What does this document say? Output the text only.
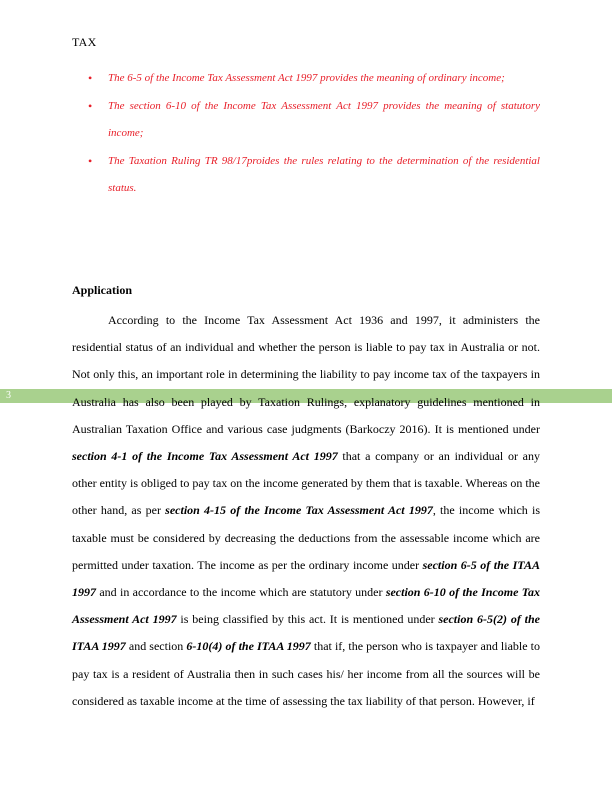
TAX
• The 6-5 of the Income Tax Assessment Act 1997 provides the meaning of ordinary income;
• The section 6-10 of the Income Tax Assessment Act 1997 provides the meaning of statutory income;
• The Taxation Ruling TR 98/17proides the rules relating to the determination of the residential status.
Application
3
According to the Income Tax Assessment Act 1936 and 1997, it administers the residential status of an individual and whether the person is liable to pay tax in Australia or not. Not only this, an important role in determining the liability to pay income tax of the taxpayers in Australia has also been played by Taxation Rulings, explanatory guidelines mentioned in Australian Taxation Office and various case judgments (Barkoczy 2016). It is mentioned under section 4-1 of the Income Tax Assessment Act 1997 that a company or an individual or any other entity is obliged to pay tax on the income generated by them that is taxable. Whereas on the other hand, as per section 4-15 of the Income Tax Assessment Act 1997, the income which is taxable must be considered by decreasing the deductions from the assessable income which are permitted under taxation. The income as per the ordinary income under section 6-5 of the ITAA 1997 and in accordance to the income which are statutory under section 6-10 of the Income Tax Assessment Act 1997 is being classified by this act. It is mentioned under section 6-5(2) of the ITAA 1997 and section 6-10(4) of the ITAA 1997 that if, the person who is taxpayer and liable to pay tax is a resident of Australia then in such cases his/ her income from all the sources will be considered as taxable income at the time of assessing the tax liability of that person. However, if
